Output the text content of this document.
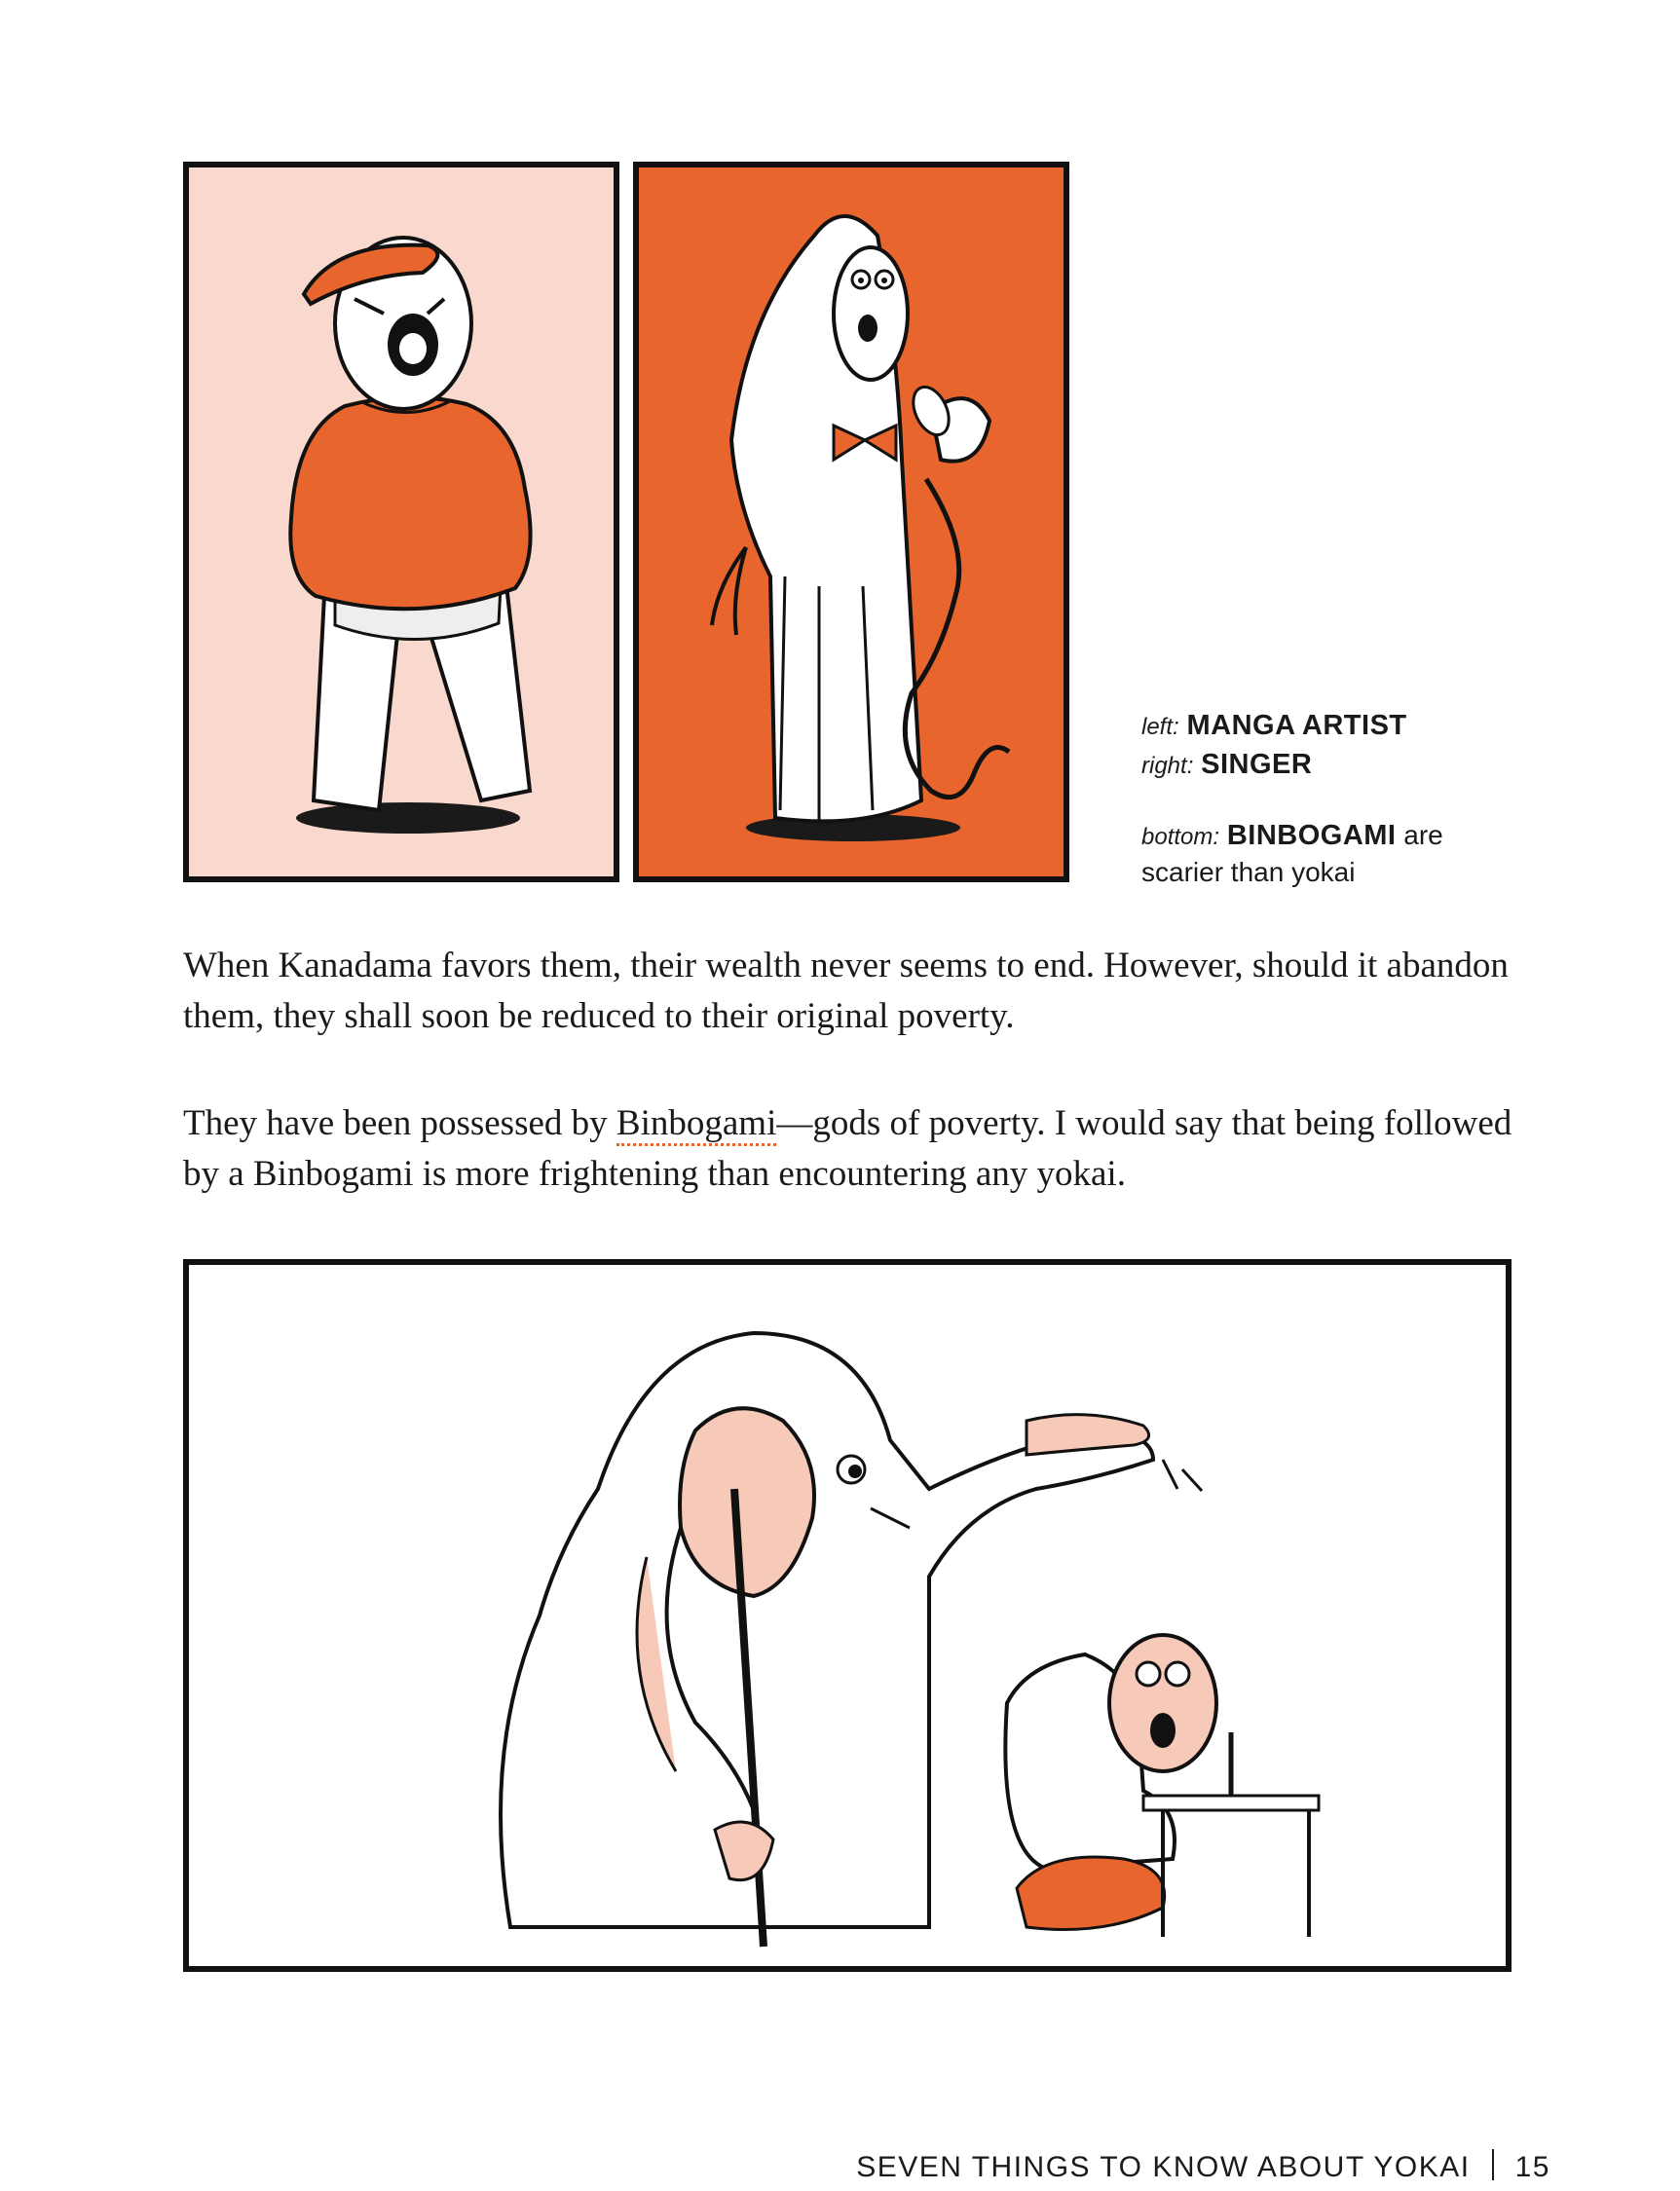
left: MANGA ARTIST
right: SINGER
bottom: BINBOGAMI are
scarier than yokai

When Kanadama favors them, their wealth never seems to end. However, should it abandon them, they shall soon be reduced to their original poverty.

They have been possessed by Binbogami—gods of poverty. I would say that being followed by a Binbogami is more frightening than encountering any yokai.

SEVEN THINGS TO KNOW ABOUT YOKAI 15
